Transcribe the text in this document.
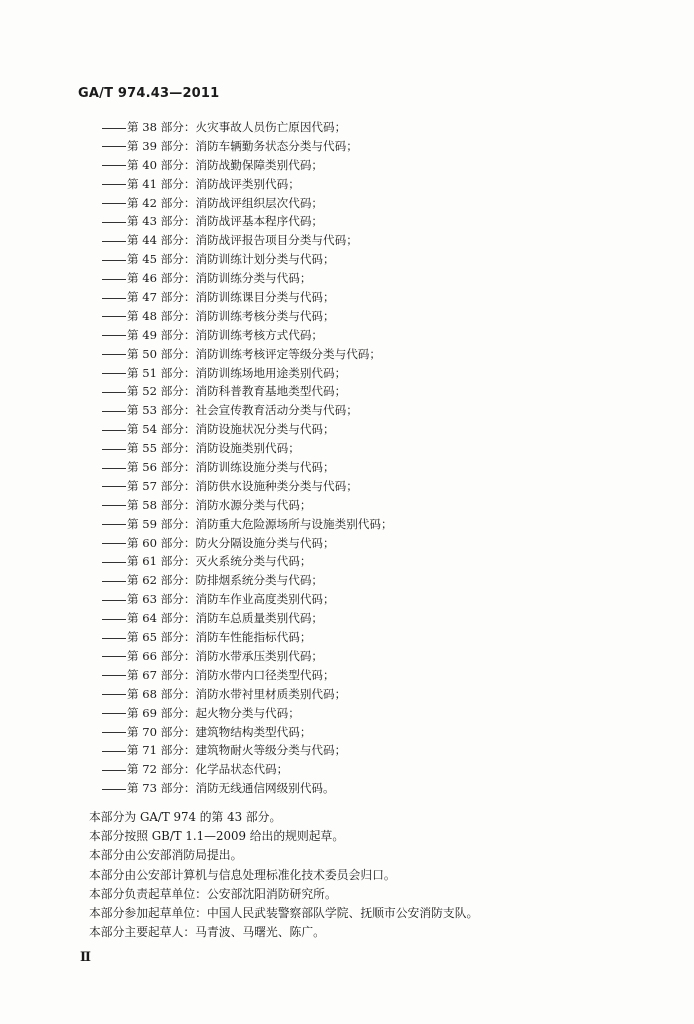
GA/T 974.43—2011
第 38 部分：火灾事故人员伤亡原因代码；
第 39 部分：消防车辆勤务状态分类与代码；
第 40 部分：消防战勤保障类别代码；
第 41 部分：消防战评类别代码；
第 42 部分：消防战评组织层次代码；
第 43 部分：消防战评基本程序代码；
第 44 部分：消防战评报告项目分类与代码；
第 45 部分：消防训练计划分类与代码；
第 46 部分：消防训练分类与代码；
第 47 部分：消防训练课目分类与代码；
第 48 部分：消防训练考核分类与代码；
第 49 部分：消防训练考核方式代码；
第 50 部分：消防训练考核评定等级分类与代码；
第 51 部分：消防训练场地用途类别代码；
第 52 部分：消防科普教育基地类型代码；
第 53 部分：社会宣传教育活动分类与代码；
第 54 部分：消防设施状况分类与代码；
第 55 部分：消防设施类别代码；
第 56 部分：消防训练设施分类与代码；
第 57 部分：消防供水设施种类分类与代码；
第 58 部分：消防水源分类与代码；
第 59 部分：消防重大危险源场所与设施类别代码；
第 60 部分：防火分隔设施分类与代码；
第 61 部分：灭火系统分类与代码；
第 62 部分：防排烟系统分类与代码；
第 63 部分：消防车作业高度类别代码；
第 64 部分：消防车总质量类别代码；
第 65 部分：消防车性能指标代码；
第 66 部分：消防水带承压类别代码；
第 67 部分：消防水带内口径类型代码；
第 68 部分：消防水带衬里材质类别代码；
第 69 部分：起火物分类与代码；
第 70 部分：建筑物结构类型代码；
第 71 部分：建筑物耐火等级分类与代码；
第 72 部分：化学品状态代码；
第 73 部分：消防无线通信网级别代码。

本部分为 GA/T 974 的第 43 部分。

本部分按照 GB/T 1.1—2009 给出的规则起草。

本部分由公安部消防局提出。

本部分由公安部计算机与信息处理标准化技术委员会归口。

本部分负责起草单位：公安部沈阳消防研究所。

本部分参加起草单位：中国人民武装警察部队学院、抚顺市公安消防支队。

本部分主要起草人：马青波、马曙光、陈广。

Ⅱ
